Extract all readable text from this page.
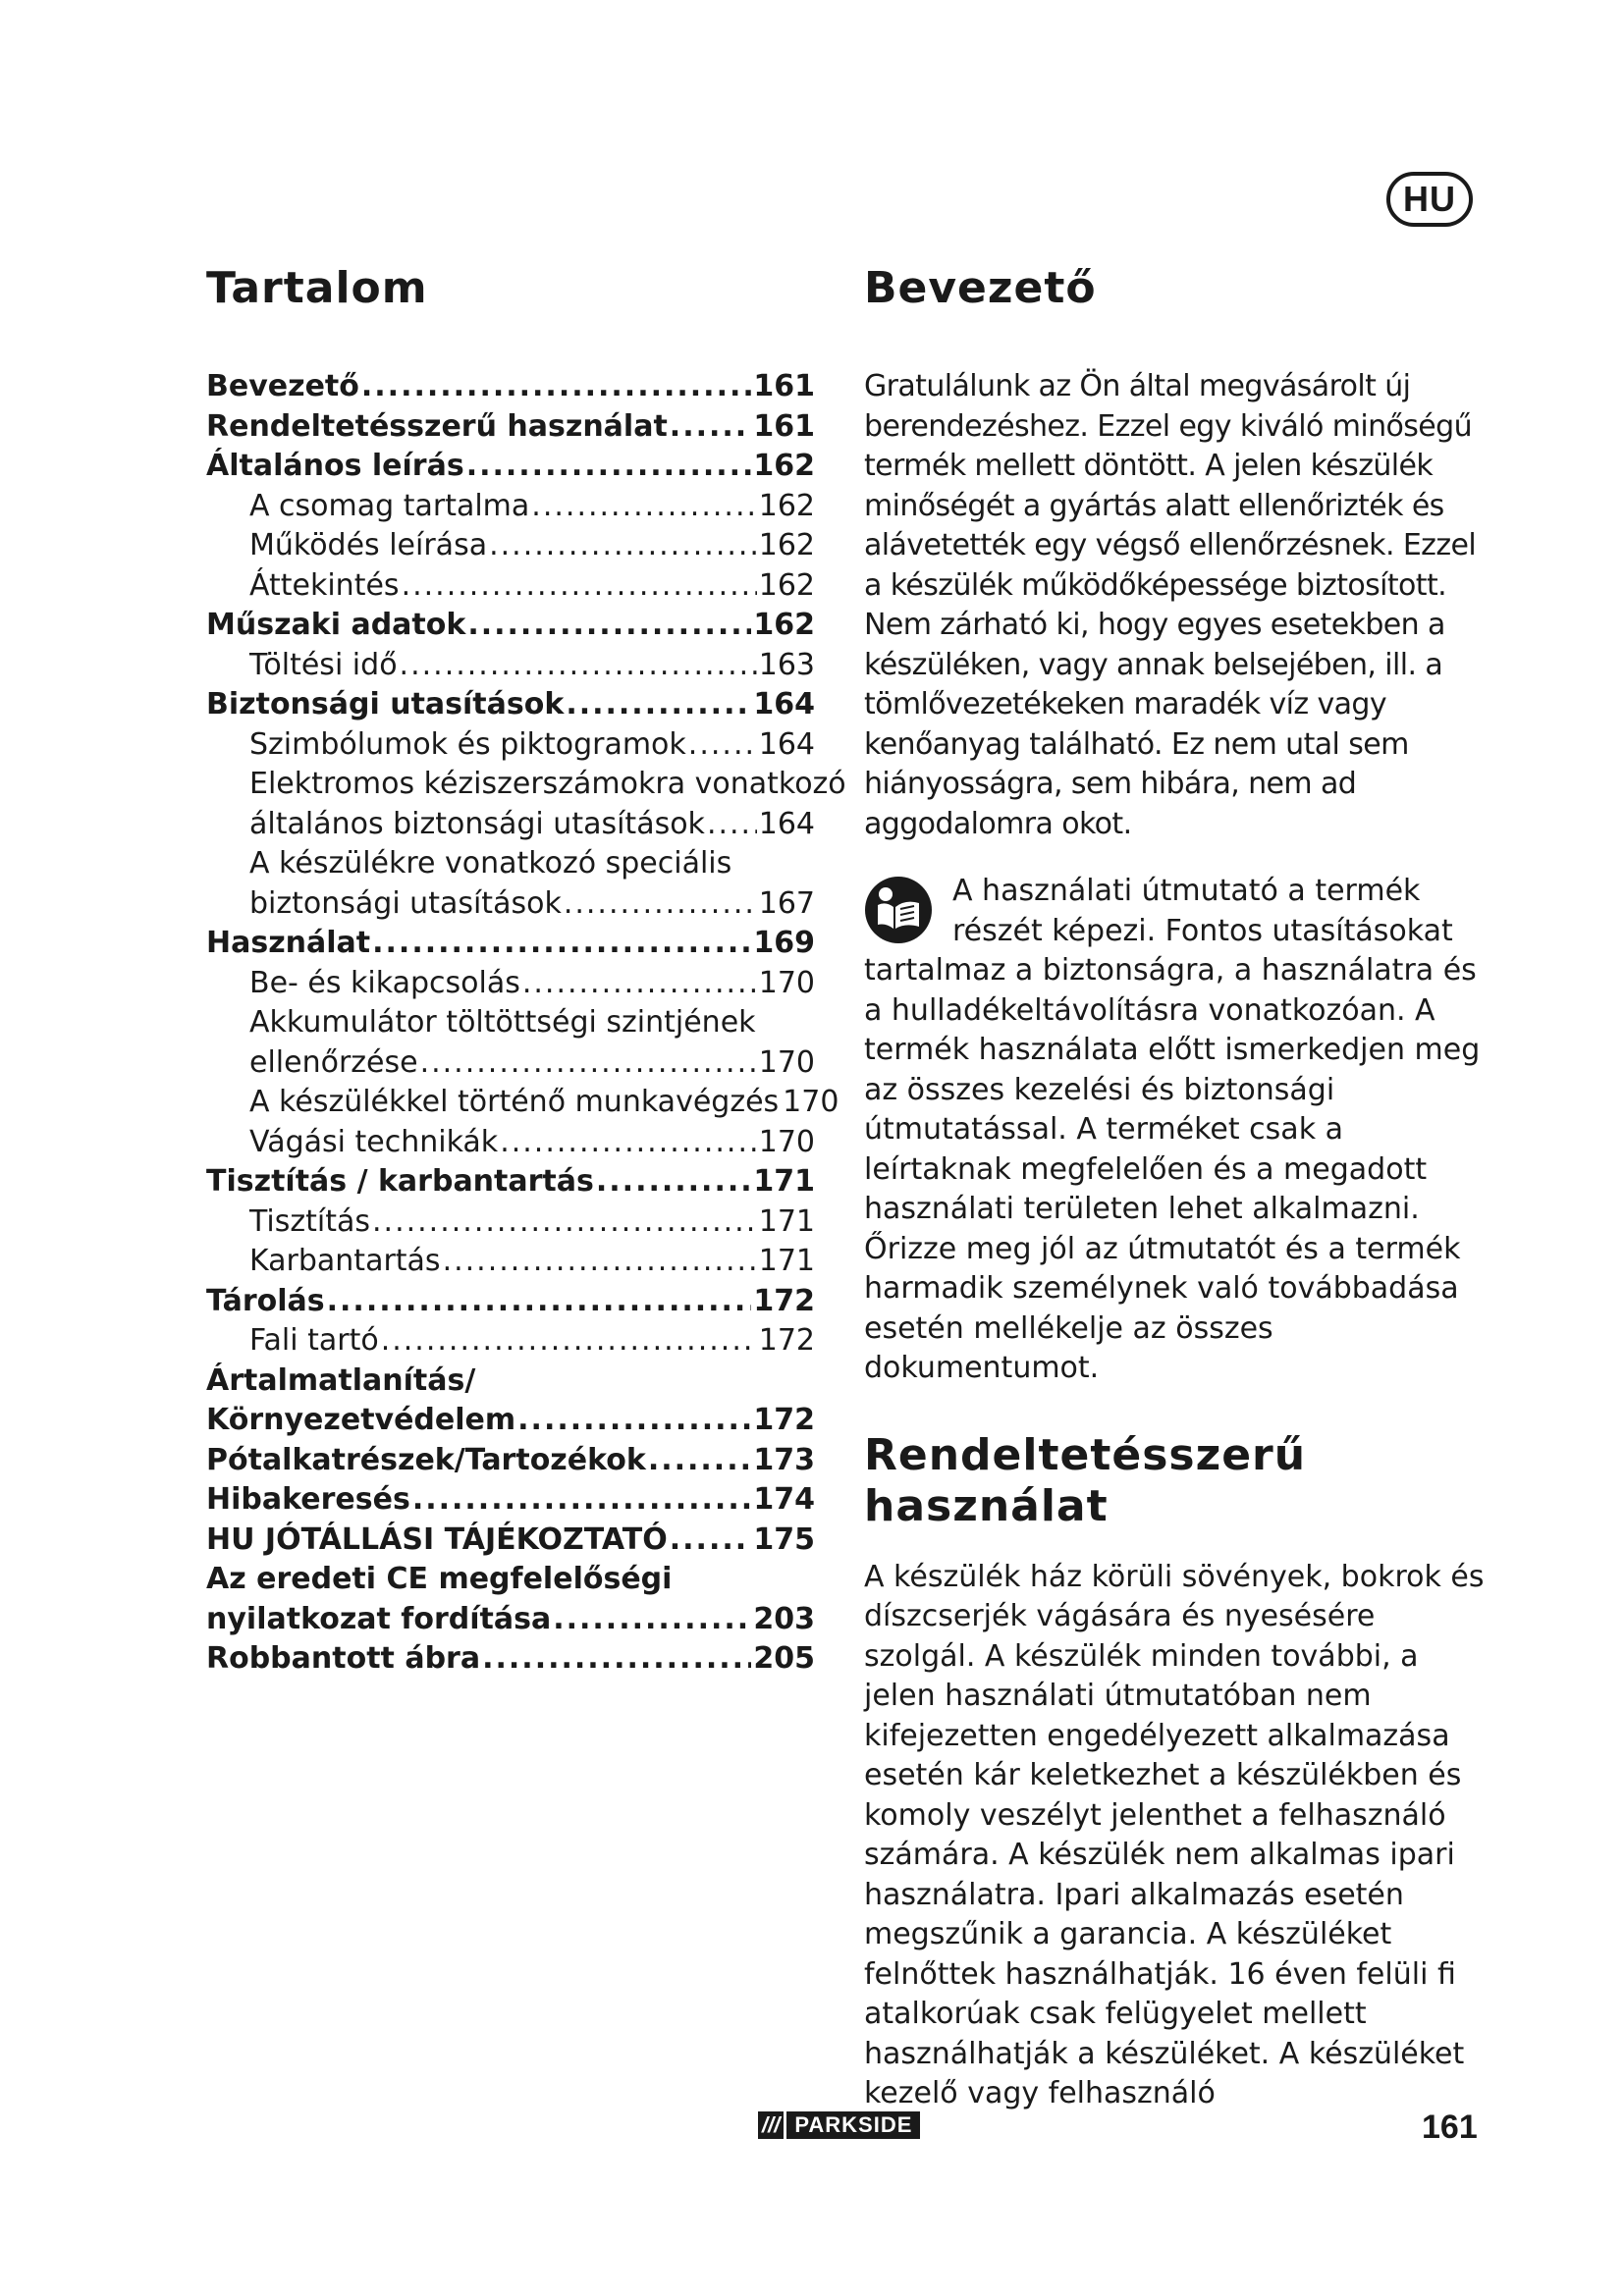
HU
Tartalom
Bevezető .....	161
Rendeltetésszerű használat .....	161
Általános leírás .....	162
A csomag tartalma .....	162
Működés leírása .....	162
Áttekintés .....	162
Műszaki adatok .....	162
Töltési idő .....	163
Biztonsági utasítások .....	164
Szimbólumok és piktogramok ..... 164
Elektromos kéziszerszámokra vonatkozó
általános biztonsági utasítások ..... 164
A készülékre vonatkozó speciális
biztonsági utasítások .....	167
Használat .....	169
Be- és kikapcsolás .....	170
Akkumulátor töltöttségi szintjének
ellenőrzése .....	170
A készülékkel történő munkavégzés 170
Vágási technikák .....	170
Tisztítás / karbantartás .....	171
Tisztítás .....	171
Karbantartás .....	171
Tárolás .....	172
Fali tartó .....	172
Ártalmatlanítás/
Környezetvédelem .....	172
Pótalkatrészek/Tartozékok .....	173
Hibakeresés .....	174
HU JÓTÁLLÁSI TÁJÉKOZTATÓ .....	175
Az eredeti CE megfelelőségi
nyilatkozat fordítása .....	203
Robbantott ábra .....	205
Bevezető

Gratulálunk az Ön által megvásárolt új berendezéshez. Ezzel egy kiváló minőségű termék mellett döntött. A jelen készülék minőségét a gyártás alatt ellenőrizték és alávetették egy végső ellenőrzésnek. Ezzel a készülék működőképessége biztosított. Nem zárható ki, hogy egyes esetekben a készüléken, vagy annak belsejében, ill. a tömlővezetékeken maradék víz vagy kenőanyag található. Ez nem utal sem hiányosságra, sem hibára, nem ad aggodalomra okot.

A használati útmutató a termék részét képezi. Fontos utasításokat tartalmaz a biztonságra, a használatra és a hulladékeltávolításra vonatkozóan. A termék használata előtt ismerkedjen meg az összes kezelési és biztonsági útmutatással. A terméket csak a leírtaknak megfelelően és a megadott használati területen lehet alkalmazni. Őrizze meg jól az útmutatót és a termék harmadik személynek való továbbadása esetén mellékelje az összes dokumentumot.

Rendeltetésszerű
használat

A készülék ház körüli sövények, bokrok és díszcserjék vágására és nyesésére szolgál. A készülék minden további, a jelen használati útmutatóban nem kifejezetten engedélyezett alkalmazása esetén kár keletkezhet a készülékben és komoly veszélyt jelenthet a felhasználó számára. A készülék nem alkalmas ipari használatra. Ipari alkalmazás esetén megszűnik a garancia. A készüléket felnőttek használhatják. 16 éven felüli fi atalkorúak csak felügyelet mellett használhatják a készüléket. A készüléket kezelő vagy felhasználó

/// PARKSIDE	161
